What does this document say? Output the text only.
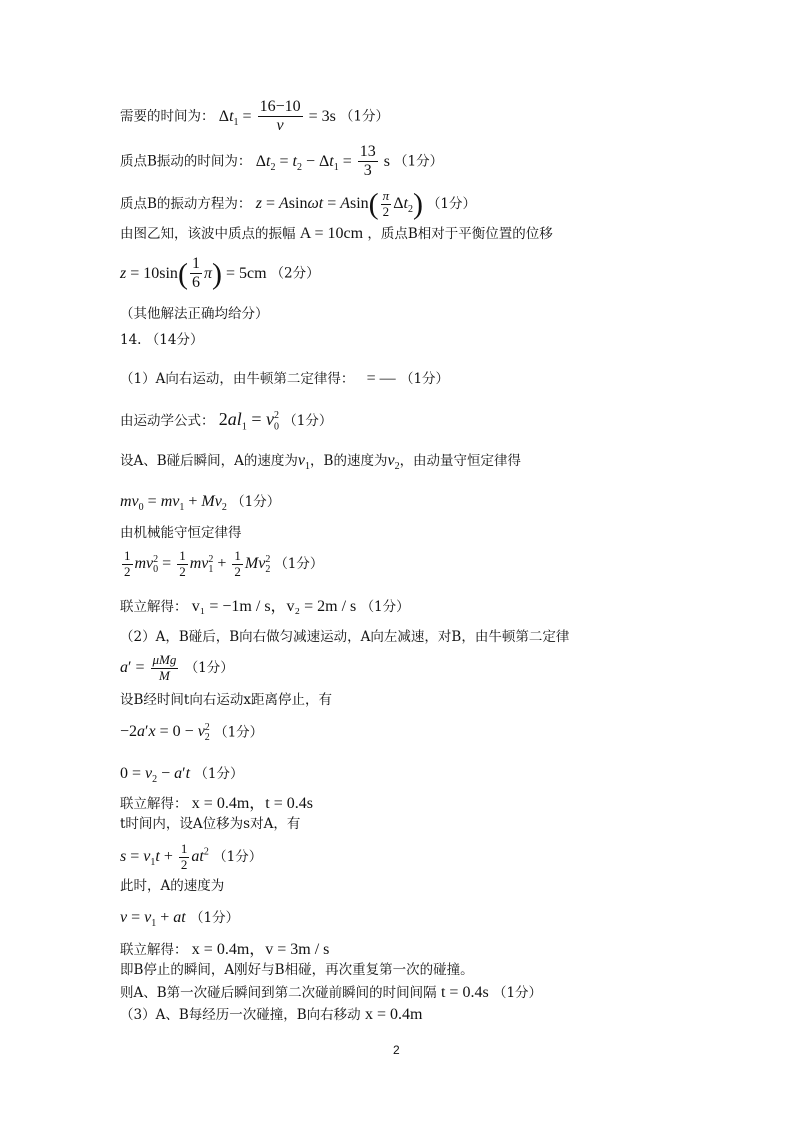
需要的时间为： $\Delta t_1 = \frac{16-10}{v} = 3s$ （1分）
质点B振动的时间为： $\Delta t_2 = t_2 - \Delta t_1 = \frac{13}{3}$ s （1分）
质点B的振动方程为： $z = Asin\omega t = Asin( \frac{\pi}{2} \Delta t_2)$ （1分）
由图乙知，该波中质点的振幅 A = 10cm ，质点B相对于平衡位置的位移
$z = 10\sin( \frac{1}{6} \pi) = 5cm$ （2分）
（其他解法正确均给分）
14. （14分）
（1）A向右运动，由牛顿第二定律得：   = — （1分）
由运动学公式： $2al_1 = v_0^2$ （1分）
设A、B碰后瞬间，A的速度为$v_1$，B的速度为$v_2$，由动量守恒定律得
$mv_0 = mv_1 + Mv_2$ （1分）
由机械能守恒定律得
$\frac{1}{2} mv_0^2 = \frac{1}{2} mv_1^2 + \frac{1}{2} Mv_2^2$ （1分）
联立解得： v₁ = −1m / s，v₂ = 2m / s （1分）
（2）A，B碰后，B向右做匀减速运动，A向左减速，对B，由牛顿第二定律
$a' = \frac{\text{μMg}}{M} (1$分）
设B经时间t向右运动x距离停止，有
$-2a'x = 0 - v_2^2$ （1分）
$0 = v_2 - a't$ （1分）
联立解得： x = 0.4m，t = 0.4s
t时间内，设A位移为s对A，有
$s = v_1t + \frac{1}{2} at^2$ （1分）
此时，A的速度为
$v = v_1$ + at （1分）
联立解得： x = 0.4m，v = 3m / s
即B停止的瞬间，A刚好与B相碰，再次重复第一次的碰撞。
则A、B第一次碰后瞬间到第二次碰前瞬间的时间间隔 t = 0.4s （1分）
（3）A、B每经历一次碰撞，B向右移动 x = 0.4m
2
